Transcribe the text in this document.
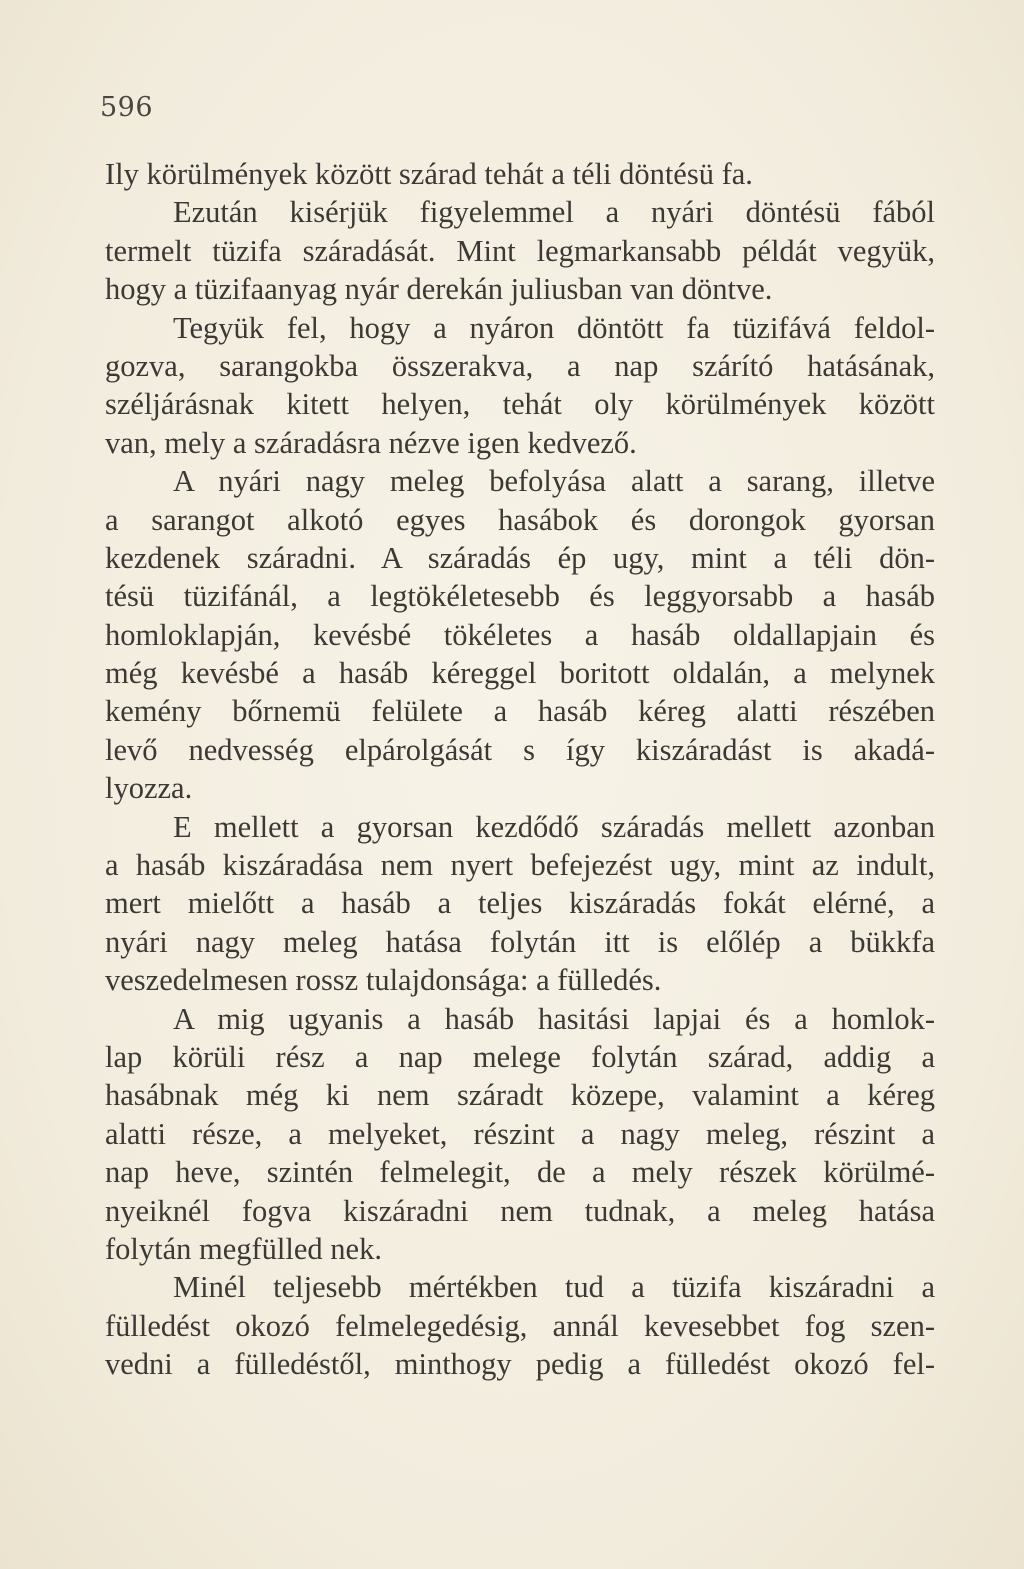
596
Ily körülmények között szárad tehát a téli döntésü fa.
Ezután kisérjük figyelemmel a nyári döntésü fából
termelt tüzifa száradását. Mint legmarkansabb példát vegyük,
hogy a tüzifaanyag nyár derekán juliusban van döntve.
Tegyük fel, hogy a nyáron döntött fa tüzifává feldol-
gozva, sarangokba összerakva, a nap szárító hatásának,
széljárásnak kitett helyen, tehát oly körülmények között
van, mely a száradásra nézve igen kedvező.
A nyári nagy meleg befolyása alatt a sarang, illetve
a sarangot alkotó egyes hasábok és dorongok gyorsan
kezdenek száradni. A száradás ép ugy, mint a téli dön-
tésü tüzifánál, a legtökéletesebb és leggyorsabb a hasáb
homloklapján, kevésbé tökéletes a hasáb oldallapjain és
még kevésbé a hasáb kéreggel boritott oldalán, a melynek
kemény bőrnemü felülete a hasáb kéreg alatti részében
levő nedvesség elpárolgását s így kiszáradást is akadá-
lyozza.
E mellett a gyorsan kezdődő száradás mellett azonban
a hasáb kiszáradása nem nyert befejezést ugy, mint az indult,
mert mielőtt a hasáb a teljes kiszáradás fokát elérné, a
nyári nagy meleg hatása folytán itt is előlép a bükkfa
veszedelmesen rossz tulajdonsága: a fülledés.
A mig ugyanis a hasáb hasitási lapjai és a homlok-
lap körüli rész a nap melege folytán szárad, addig a
hasábnak még ki nem száradt közepe, valamint a kéreg
alatti része, a melyeket, részint a nagy meleg, részint a
nap heve, szintén felmelegit, de a mely részek körülmé-
nyeiknél fogva kiszáradni nem tudnak, a meleg hatása
folytán megfülled nek.
Minél teljesebb mértékben tud a tüzifa kiszáradni a
fülledést okozó felmelegedésig, annál kevesebbet fog szen-
vedni a fülledéstől, minthogy pedig a fülledést okozó fel-
